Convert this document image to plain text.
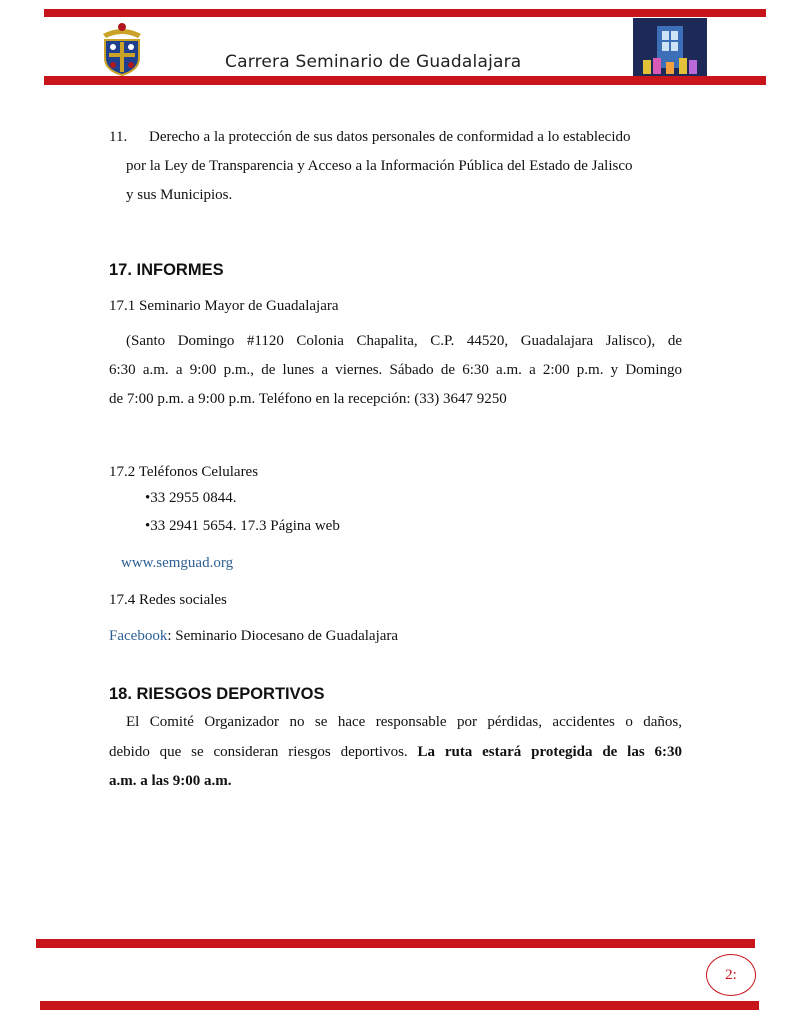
Carrera Seminario de Guadalajara
11. Derecho a la protección de sus datos personales de conformidad a lo establecido
por la Ley de Transparencia y Acceso a la Información Pública del Estado de Jalisco
y sus Municipios.
17. INFORMES
17.1 Seminario Mayor de Guadalajara
(Santo Domingo #1120 Colonia Chapalita, C.P. 44520, Guadalajara Jalisco), de
6:30 a.m. a 9:00 p.m., de lunes a viernes. Sábado de 6:30 a.m. a 2:00 p.m. y Domingo
de 7:00 p.m. a 9:00 p.m. Teléfono en la recepción: (33) 3647 9250
17.2 Teléfonos Celulares
•33 2955 0844.
•33 2941 5654. 17.3 Página web
www.semguad.org
17.4 Redes sociales
Facebook: Seminario Diocesano de Guadalajara
18. RIESGOS DEPORTIVOS
El Comité Organizador no se hace responsable por pérdidas, accidentes o daños,
debido que se consideran riesgos deportivos. La ruta estará protegida de las 6:30
a.m. a las 9:00 a.m.
2:
